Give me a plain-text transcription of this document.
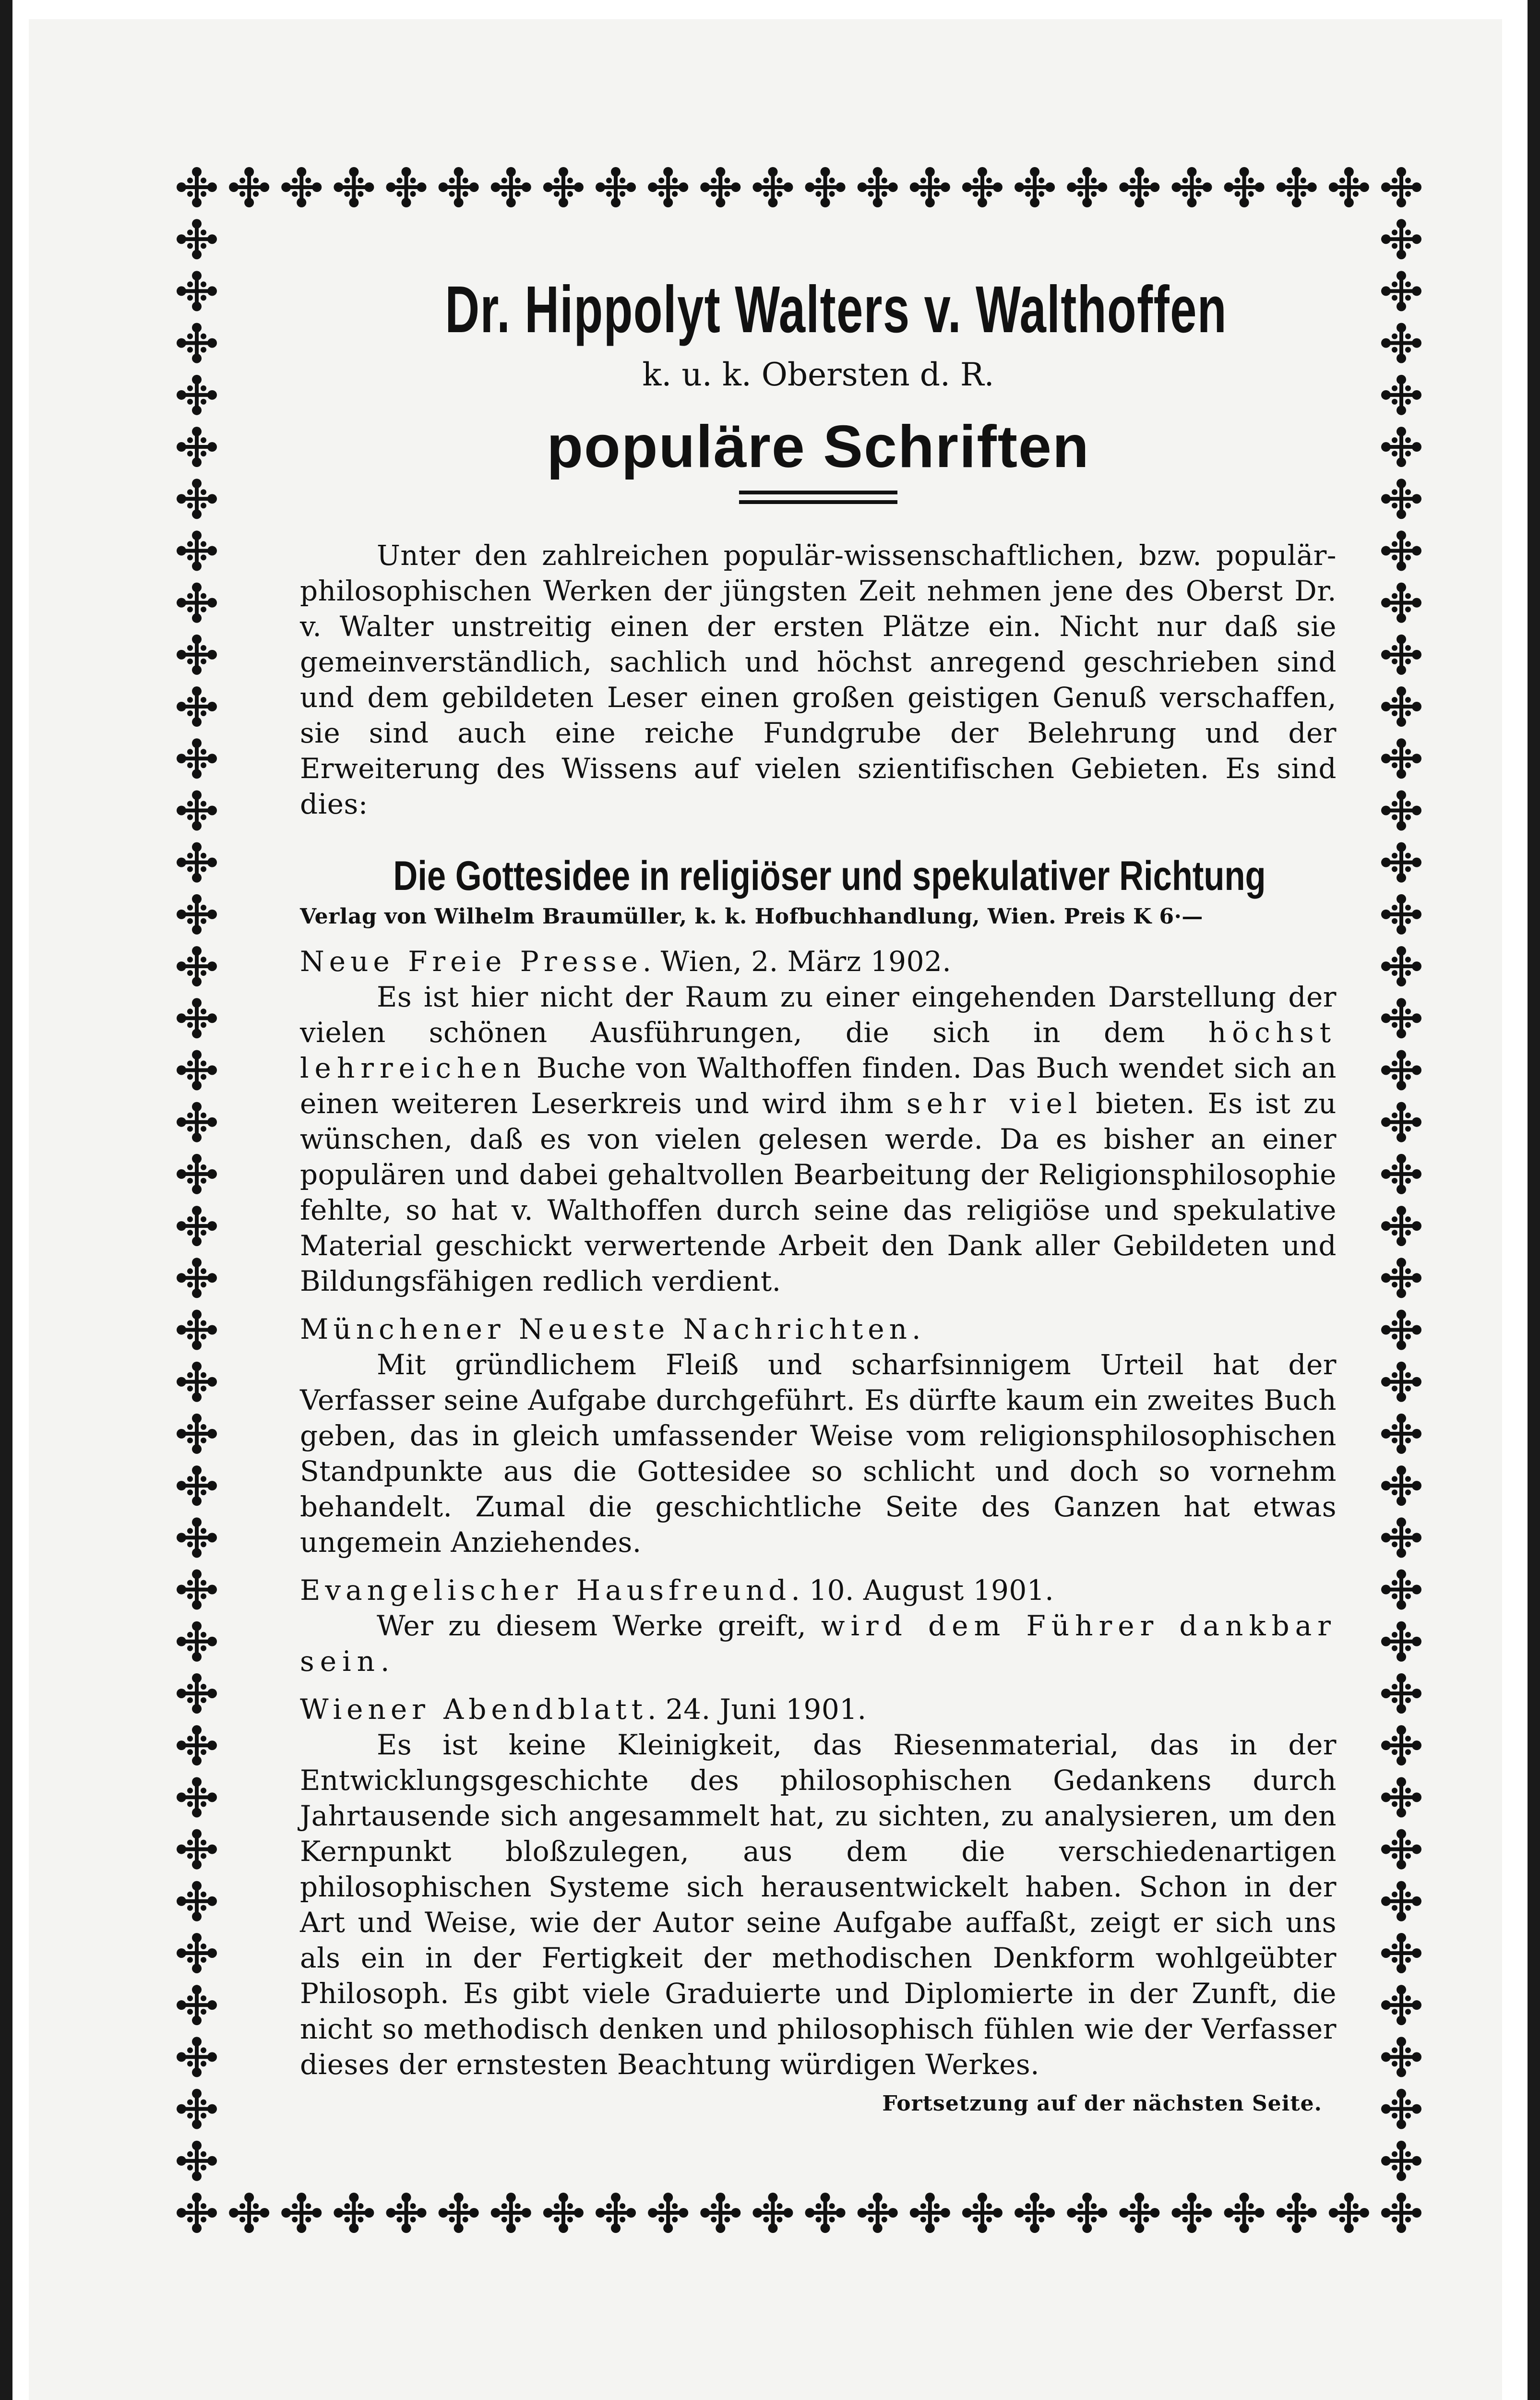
Dr. Hippolyt Walters v. Walthoffen
k. u. k. Obersten d. R.
populäre Schriften

Unter den zahlreichen populär-wissenschaftlichen, bzw. populär-philosophischen Werken der jüngsten Zeit nehmen jene des Oberst Dr. v. Walter unstreitig einen der ersten Plätze ein. Nicht nur daß sie gemeinverständlich, sachlich und höchst anregend geschrieben sind und dem gebildeten Leser einen großen geistigen Genuß verschaffen, sie sind auch eine reiche Fundgrube der Belehrung und der Erweiterung des Wissens auf vielen szientifischen Gebieten. Es sind dies:

Die Gottesidee in religiöser und spekulativer Richtung
Verlag von Wilhelm Braumüller, k. k. Hofbuchhandlung, Wien. Preis K 6·—
Neue Freie Presse. Wien, 2. März 1902.
Es ist hier nicht der Raum zu einer eingehenden Darstellung der vielen schönen Ausführungen, die sich in dem höchst lehrreichen Buche von Walthoffen finden. Das Buch wendet sich an einen weiteren Leserkreis und wird ihm sehr viel bieten. Es ist zu wünschen, daß es von vielen gelesen werde. Da es bisher an einer populären und dabei gehaltvollen Bearbeitung der Religionsphilosophie fehlte, so hat v. Walthoffen durch seine das religiöse und spekulative Material geschickt verwertende Arbeit den Dank aller Gebildeten und Bildungsfähigen redlich verdient.
Münchener Neueste Nachrichten.
Mit gründlichem Fleiß und scharfsinnigem Urteil hat der Verfasser seine Aufgabe durchgeführt. Es dürfte kaum ein zweites Buch geben, das in gleich umfassender Weise vom religionsphilosophischen Standpunkte aus die Gottesidee so schlicht und doch so vornehm behandelt. Zumal die geschichtliche Seite des Ganzen hat etwas ungemein Anziehendes.
Evangelischer Hausfreund. 10. August 1901.
Wer zu diesem Werke greift, wird dem Führer dankbar sein.
Wiener Abendblatt. 24. Juni 1901.
Es ist keine Kleinigkeit, das Riesenmaterial, das in der Entwicklungsgeschichte des philosophischen Gedankens durch Jahrtausende sich angesammelt hat, zu sichten, zu analysieren, um den Kernpunkt bloßzulegen, aus dem die verschiedenartigen philosophischen Systeme sich herausentwickelt haben. Schon in der Art und Weise, wie der Autor seine Aufgabe auffaßt, zeigt er sich uns als ein in der Fertigkeit der methodischen Denkform wohlgeübter Philosoph. Es gibt viele Graduierte und Diplomierte in der Zunft, die nicht so methodisch denken und philosophisch fühlen wie der Verfasser dieses der ernstesten Beachtung würdigen Werkes.
Fortsetzung auf der nächsten Seite.
